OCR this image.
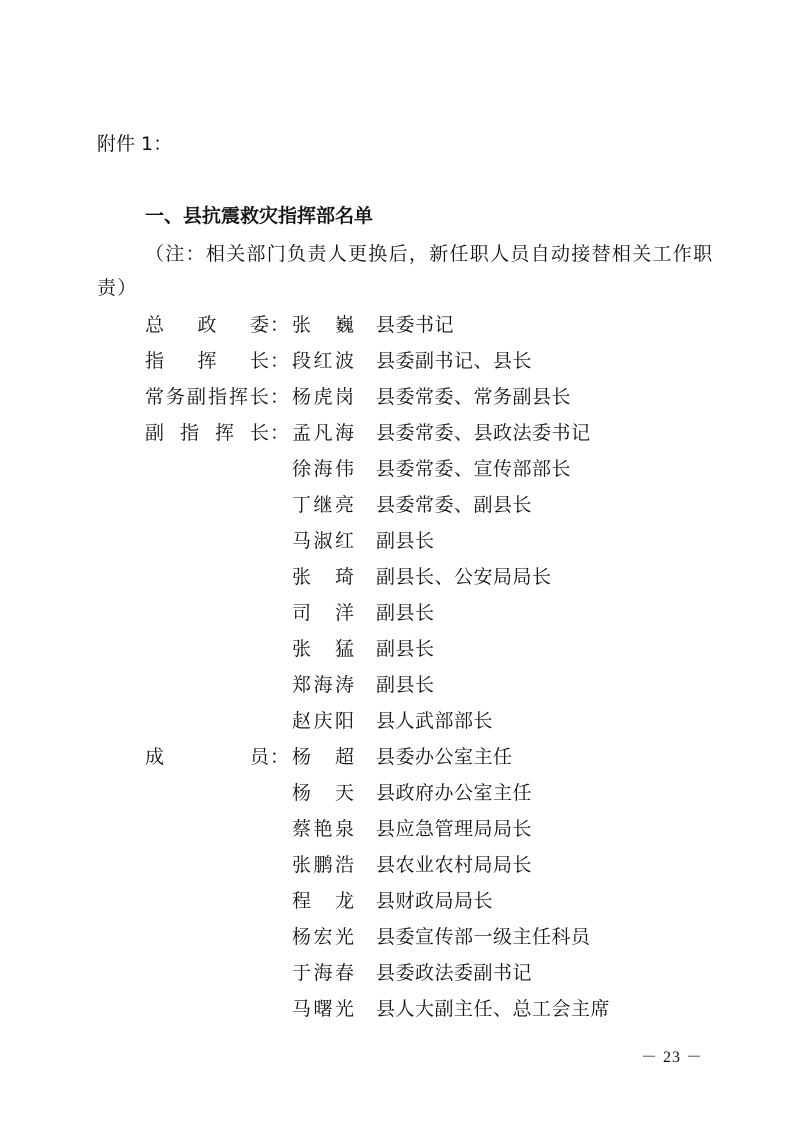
附件 1：
一、县抗震救灾指挥部名单
（注：相关部门负责人更换后，新任职人员自动接替相关工作职责）
总 政 委 ： 张 巍 县委书记
指 挥 长 ： 段 红 波 县委副书记、县长
常 务 副 指 挥 长 ： 杨 虎 岗 县委常委、常务副县长
副 指 挥 长 ： 孟 凡 海 县委常委、县政法委书记
徐 海 伟 县委常委、宣传部部长
丁 继 亮 县委常委、副县长
马 淑 红 副县长
张 琦 副县长、公安局局长
司 洋 副县长
张 猛 副县长
郑 海 涛 副县长
赵 庆 阳 县人武部部长
成	员 ： 杨 超 县委办公室主任
杨 天 县政府办公室主任
蔡 艳 泉 县应急管理局局长
张 鹏 浩 县农业农村局局长
程 龙 县财政局局长
杨 宏 光 县委宣传部一级主任科员
于 海 春 县委政法委副书记
马 曙 光 县人大副主任、总工会主席
－ 23 －
